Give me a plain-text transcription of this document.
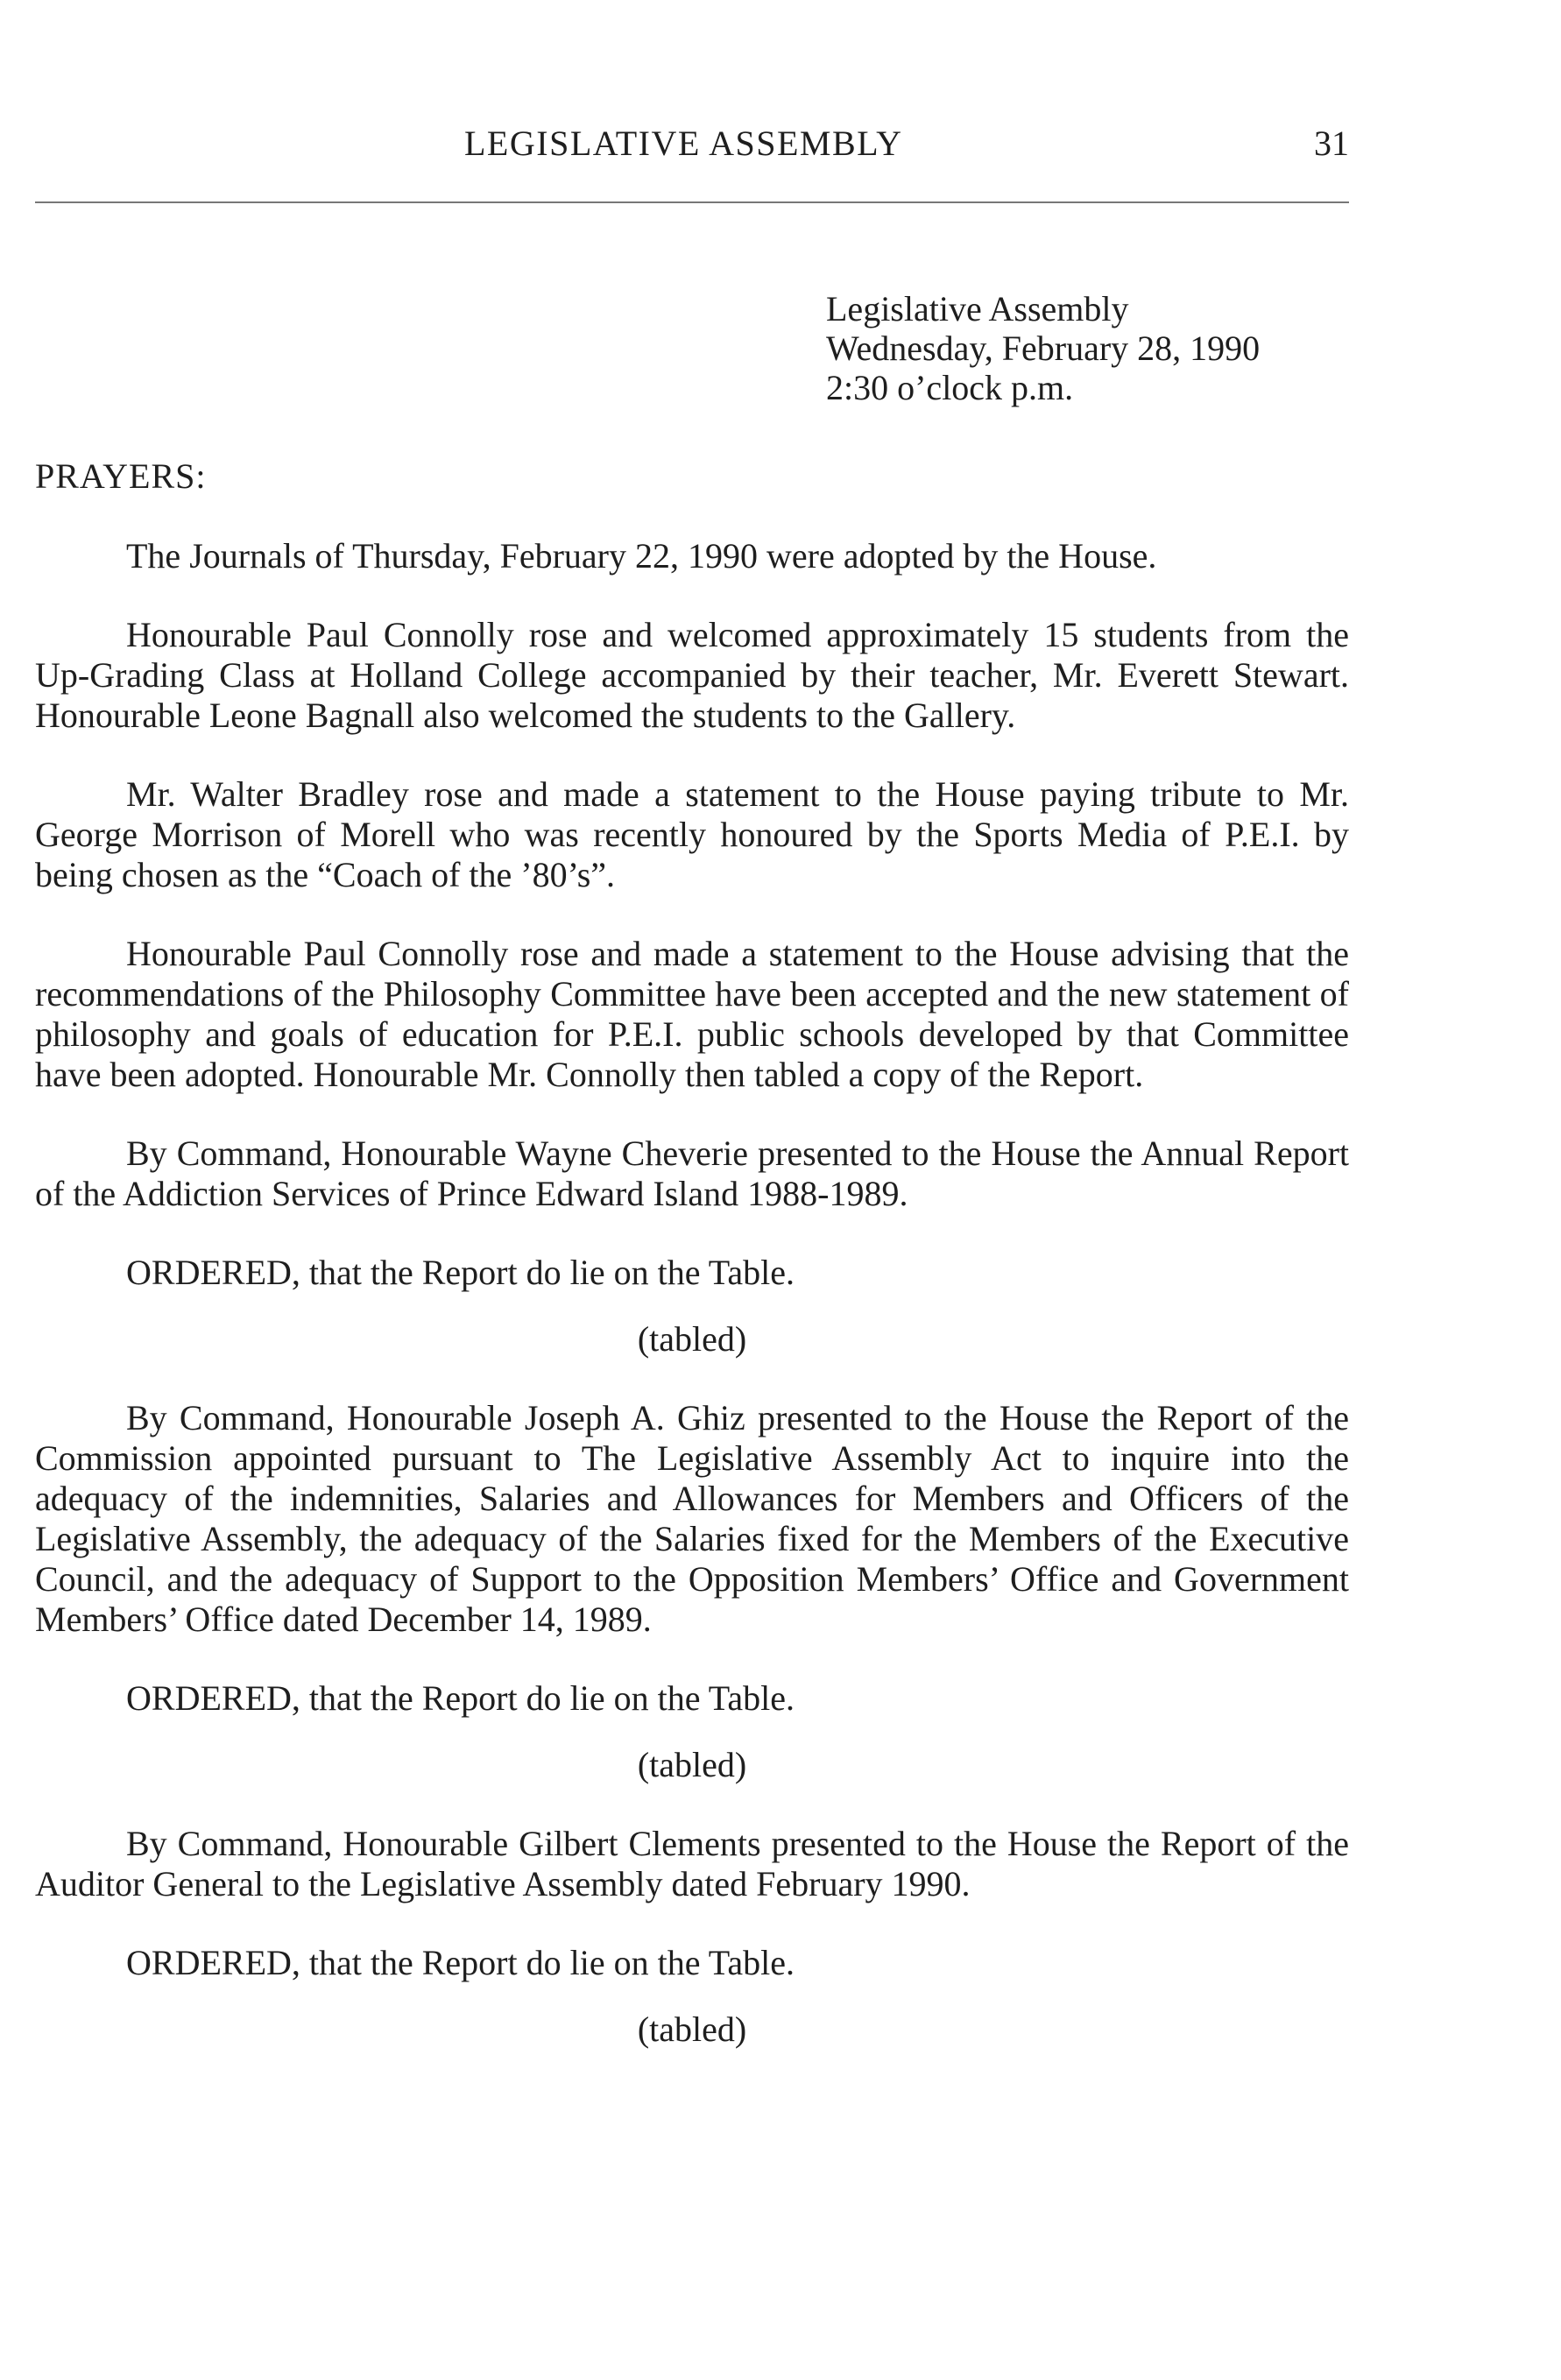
LEGISLATIVE ASSEMBLY	31
Legislative Assembly
Wednesday, February 28, 1990
2:30 o’clock p.m.
PRAYERS:

The Journals of Thursday, February 22, 1990 were adopted by the House.

Honourable Paul Connolly rose and welcomed approximately 15 students from the Up-Grading Class at Holland College accompanied by their teacher, Mr. Everett Stewart. Honourable Leone Bagnall also welcomed the students to the Gallery.

Mr. Walter Bradley rose and made a statement to the House paying tribute to Mr. George Morrison of Morell who was recently honoured by the Sports Media of P.E.I. by being chosen as the “Coach of the ’80’s”.

Honourable Paul Connolly rose and made a statement to the House advising that the recommendations of the Philosophy Committee have been accepted and the new statement of philosophy and goals of education for P.E.I. public schools developed by that Committee have been adopted. Honourable Mr. Connolly then tabled a copy of the Report.

By Command, Honourable Wayne Cheverie presented to the House the Annual Report of the Addiction Services of Prince Edward Island 1988-1989.

ORDERED, that the Report do lie on the Table.

(tabled)

By Command, Honourable Joseph A. Ghiz presented to the House the Report of the Commission appointed pursuant to The Legislative Assembly Act to inquire into the adequacy of the indemnities, Salaries and Allowances for Members and Officers of the Legislative Assembly, the adequacy of the Salaries fixed for the Members of the Executive Council, and the adequacy of Support to the Opposition Members’ Office and Government Members’ Office dated December 14, 1989.

ORDERED, that the Report do lie on the Table.

(tabled)

By Command, Honourable Gilbert Clements presented to the House the Report of the Auditor General to the Legislative Assembly dated February 1990.

ORDERED, that the Report do lie on the Table.

(tabled)
